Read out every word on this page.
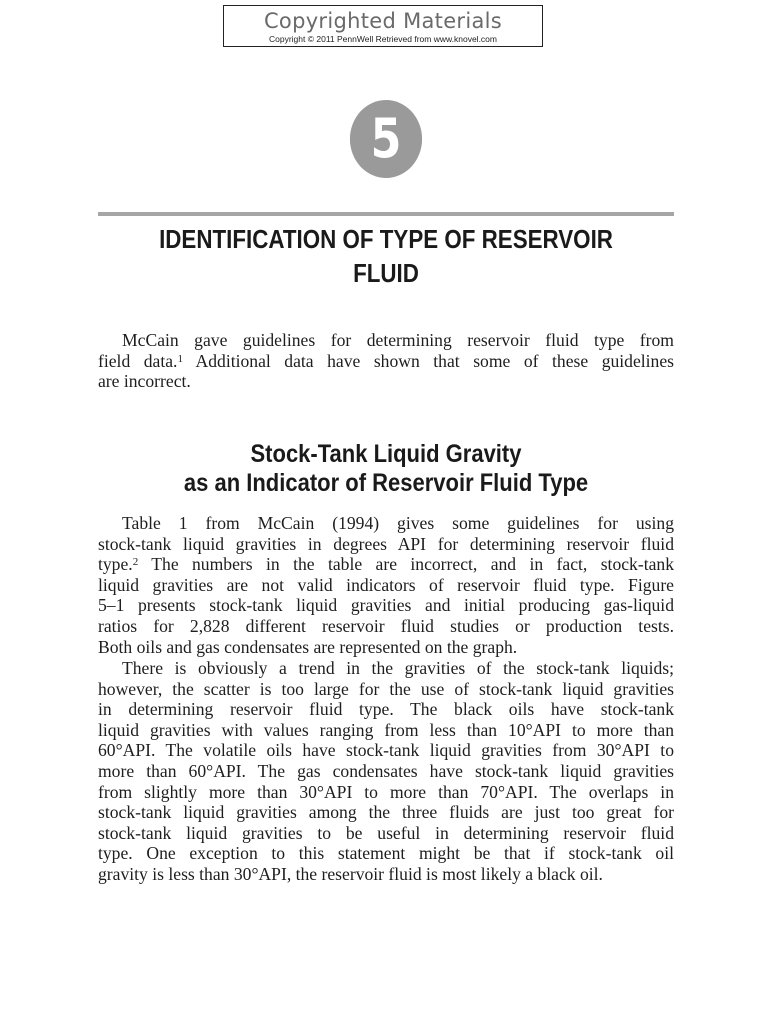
Copyrighted Materials
Copyright © 2011 PennWell Retrieved from www.knovel.com
5
IDENTIFICATION OF TYPE OF RESERVOIR FLUID
McCain gave guidelines for determining reservoir fluid type from
field data.$^1$ Additional data have shown that some of these guidelines
are incorrect.
Stock-Tank Liquid Gravity
as an Indicator of Reservoir Fluid Type
Table 1 from McCain (1994) gives some guidelines for using
stock-tank liquid gravities in degrees API for determining reservoir fluid
type.$^2$ The numbers in the table are incorrect, and in fact, stock-tank
liquid gravities are not valid indicators of reservoir fluid type. Figure
5–1 presents stock-tank liquid gravities and initial producing gas-liquid
ratios for 2,828 different reservoir fluid studies or production tests.
Both oils and gas condensates are represented on the graph.
There is obviously a trend in the gravities of the stock-tank liquids;
however, the scatter is too large for the use of stock-tank liquid gravities
in determining reservoir fluid type. The black oils have stock-tank
liquid gravities with values ranging from less than 10°API to more than
60°API. The volatile oils have stock-tank liquid gravities from 30°API to
more than 60°API. The gas condensates have stock-tank liquid gravities
from slightly more than 30°API to more than 70°API. The overlaps in
stock-tank liquid gravities among the three fluids are just too great for
stock-tank liquid gravities to be useful in determining reservoir fluid
type. One exception to this statement might be that if stock-tank oil
gravity is less than 30°API, the reservoir fluid is most likely a black oil.
